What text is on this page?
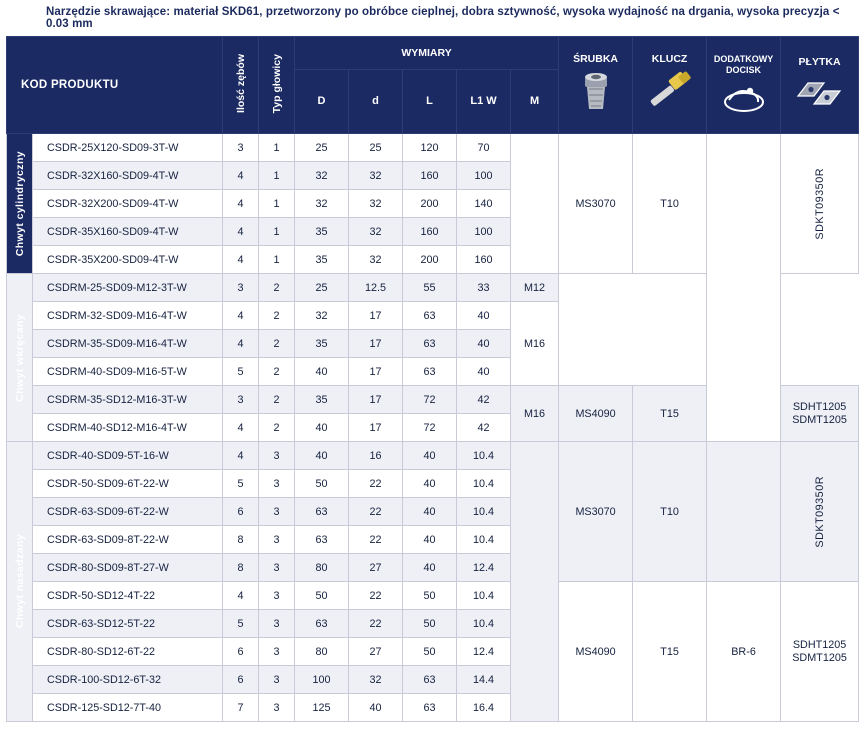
Narzędzie skrawające: materiał SKD61, przetworzony po obróbce cieplnej, dobra sztywność, wysoka wydajność na drgania, wysoka precyzja < 0.03 mm
KOD PRODUKTU		Ilość zębów	Typ głowicy	WYMIARY					ŚRUBKA	KLUCZ	DODATKOWY DOCISK	PŁYTKA

				D	d	L	L1 W	M				

Chwyt cylindryczny	CSDR-25X120-SD09-3T-W	3	1	25	25	120	70		MS3070	T10		SDKT09350R

	CSDR-32X160-SD09-4T-W	4	1	32	32	160	100					
	CSDR-32X200-SD09-4T-W	4	1	32	32	200	140					
	CSDR-35X160-SD09-4T-W	4	1	35	32	160	100					
	CSDR-35X200-SD09-4T-W	4	1	35	32	200	160					

Chwyt wkręcany	CSDRM-25-SD09-M12-3T-W	3	2	25	12.5	55	33	M12				
	CSDRM-32-SD09-M16-4T-W	4	2	32	17	63	40	M16				
	CSDRM-35-SD09-M16-4T-W	4	2	35	17	63	40					
	CSDRM-40-SD09-M16-5T-W	5	2	40	17	63	40					
	CSDRM-35-SD12-M16-3T-W	3	2	35	17	72	42	M16	MS4090	T15		SDHT1205
SDMT1205

	CSDRM-40-SD12-M16-4T-W	4	2	40	17	72	42					

Chwyt nasadzany	CSDR-40-SD09-5T-16-W	4	3	40	16	40	10.4		MS3070	T10		SDKT09350R

	CSDR-50-SD09-6T-22-W	5	3	50	22	40	10.4					
	CSDR-63-SD09-6T-22-W	6	3	63	22	40	10.4					
	CSDR-63-SD09-8T-22-W	8	3	63	22	40	10.4					
	CSDR-80-SD09-8T-27-W	8	3	80	27	40	12.4					
	CSDR-50-SD12-4T-22	4	3	50	22	50	10.4		MS4090	T15	BR-6	SDHT1205
SDMT1205

	CSDR-63-SD12-5T-22	5	3	63	22	50	10.4					
	CSDR-80-SD12-6T-22	6	3	80	27	50	12.4					
	CSDR-100-SD12-6T-32	6	3	100	32	63	14.4					
	CSDR-125-SD12-7T-40	7	3	125	40	63	16.4					
